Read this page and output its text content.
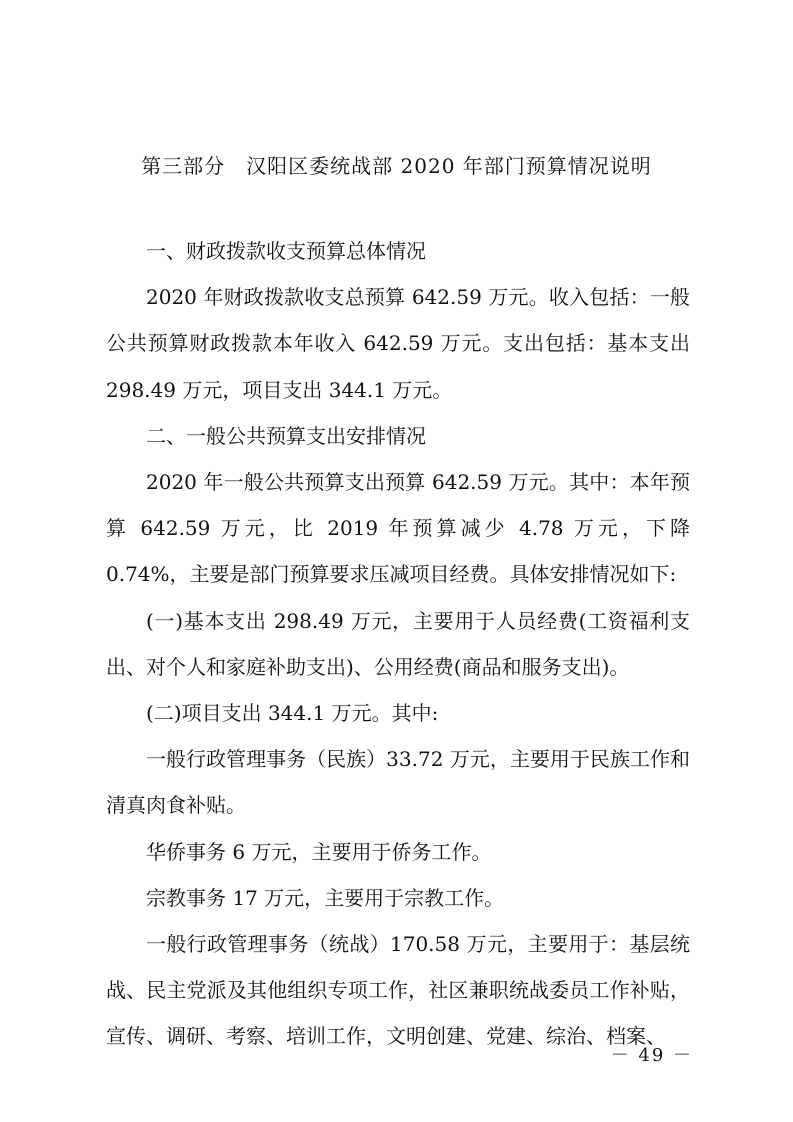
第三部分　汉阳区委统战部 2020 年部门预算情况说明

一、财政拨款收支预算总体情况

2020 年财政拨款收支总预算 642.59 万元。收入包括：一般公共预算财政拨款本年收入 642.59 万元。支出包括：基本支出 298.49 万元，项目支出 344.1 万元。

二、一般公共预算支出安排情况

2020 年一般公共预算支出预算 642.59 万元。其中：本年预算 642.59 万元，比 2019 年预算减少 4.78 万元，下降 0.74%，主要是部门预算要求压减项目经费。具体安排情况如下:

(一)基本支出 298.49 万元，主要用于人员经费(工资福利支出、对个人和家庭补助支出)、公用经费(商品和服务支出)。

(二)项目支出 344.1 万元。其中:

一般行政管理事务（民族）33.72 万元，主要用于民族工作和清真肉食补贴。

华侨事务 6 万元，主要用于侨务工作。

宗教事务 17 万元，主要用于宗教工作。

一般行政管理事务（统战）170.58 万元，主要用于：基层统战、民主党派及其他组织专项工作，社区兼职统战委员工作补贴，宣传、调研、考察、培训工作，文明创建、党建、综治、档案、

－ 49 －
